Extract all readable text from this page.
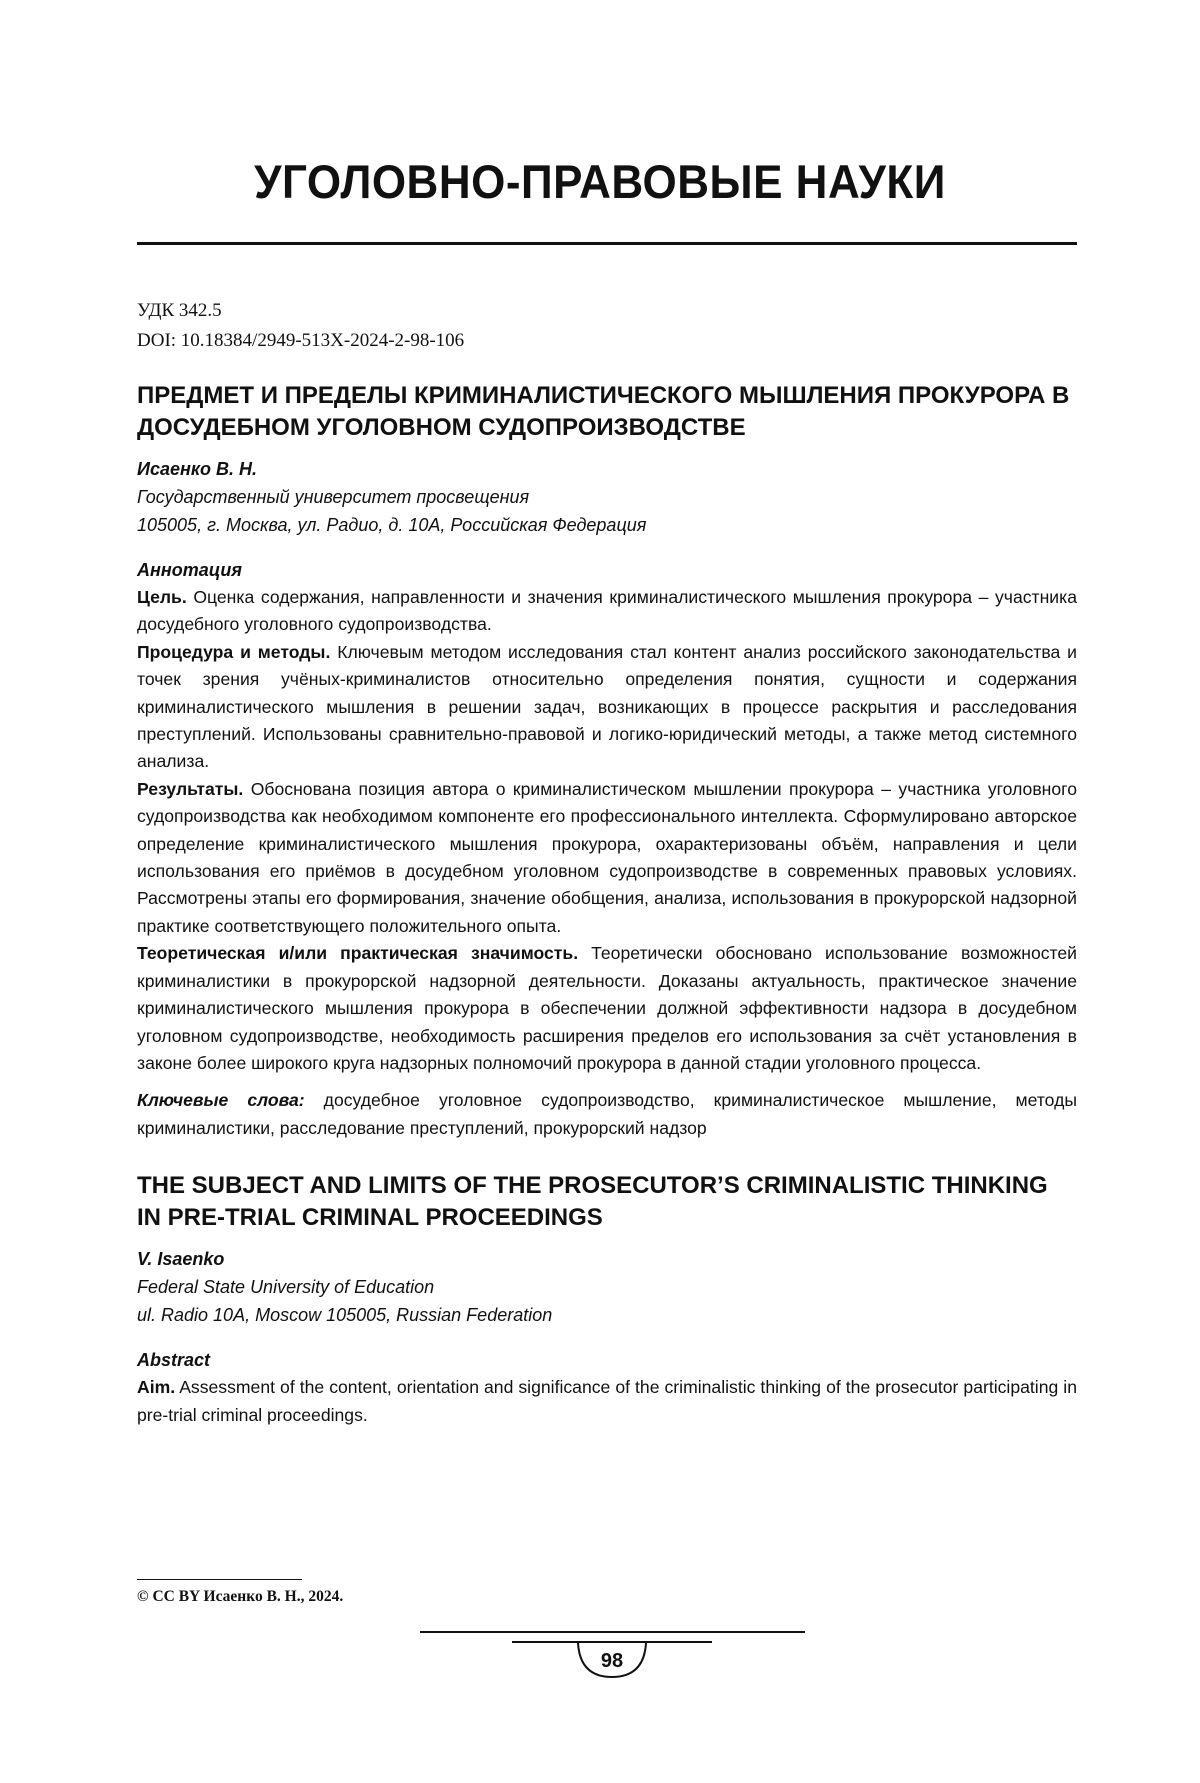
УГОЛОВНО-ПРАВОВЫЕ НАУКИ
УДК 342.5
DOI: 10.18384/2949-513X-2024-2-98-106
ПРЕДМЕТ И ПРЕДЕЛЫ КРИМИНАЛИСТИЧЕСКОГО МЫШЛЕНИЯ ПРОКУРОРА В ДОСУДЕБНОМ УГОЛОВНОМ СУДОПРОИЗВОДСТВЕ
Исаенко В. Н.
Государственный университет просвещения
105005, г. Москва, ул. Радио, д. 10А, Российская Федерация
Аннотация

Цель. Оценка содержания, направленности и значения криминалистического мышления прокурора – участника досудебного уголовного судопроизводства.

Процедура и методы. Ключевым методом исследования стал контент анализ российского законодательства и точек зрения учёных-криминалистов относительно определения понятия, сущности и содержания криминалистического мышления в решении задач, возникающих в процессе раскрытия и расследования преступлений. Использованы сравнительно-правовой и логико-юридический методы, а также метод системного анализа.

Результаты. Обоснована позиция автора о криминалистическом мышлении прокурора – участника уголовного судопроизводства как необходимом компоненте его профессионального интеллекта. Сформулировано авторское определение криминалистического мышления прокурора, охарактеризованы объём, направления и цели использования его приёмов в досудебном уголовном судопроизводстве в современных правовых условиях. Рассмотрены этапы его формирования, значение обобщения, анализа, использования в прокурорской надзорной практике соответствующего положительного опыта.

Теоретическая и/или практическая значимость. Теоретически обосновано использование возможностей криминалистики в прокурорской надзорной деятельности. Доказаны актуальность, практическое значение криминалистического мышления прокурора в обеспечении должной эффективности надзора в досудебном уголовном судопроизводстве, необходимость расширения пределов его использования за счёт установления в законе более широкого круга надзорных полномочий прокурора в данной стадии уголовного процесса.

Ключевые слова: досудебное уголовное судопроизводство, криминалистическое мышление, методы криминалистики, расследование преступлений, прокурорский надзор

THE SUBJECT AND LIMITS OF THE PROSECUTOR’S CRIMINALISTIC THINKING IN PRE-TRIAL CRIMINAL PROCEEDINGS
V. Isaenko
Federal State University of Education
ul. Radio 10A, Moscow 105005, Russian Federation
Abstract

Aim. Assessment of the content, orientation and significance of the criminalistic thinking of the prosecutor participating in pre-trial criminal proceedings.

© CC BY Исаенко В. Н., 2024.
98
